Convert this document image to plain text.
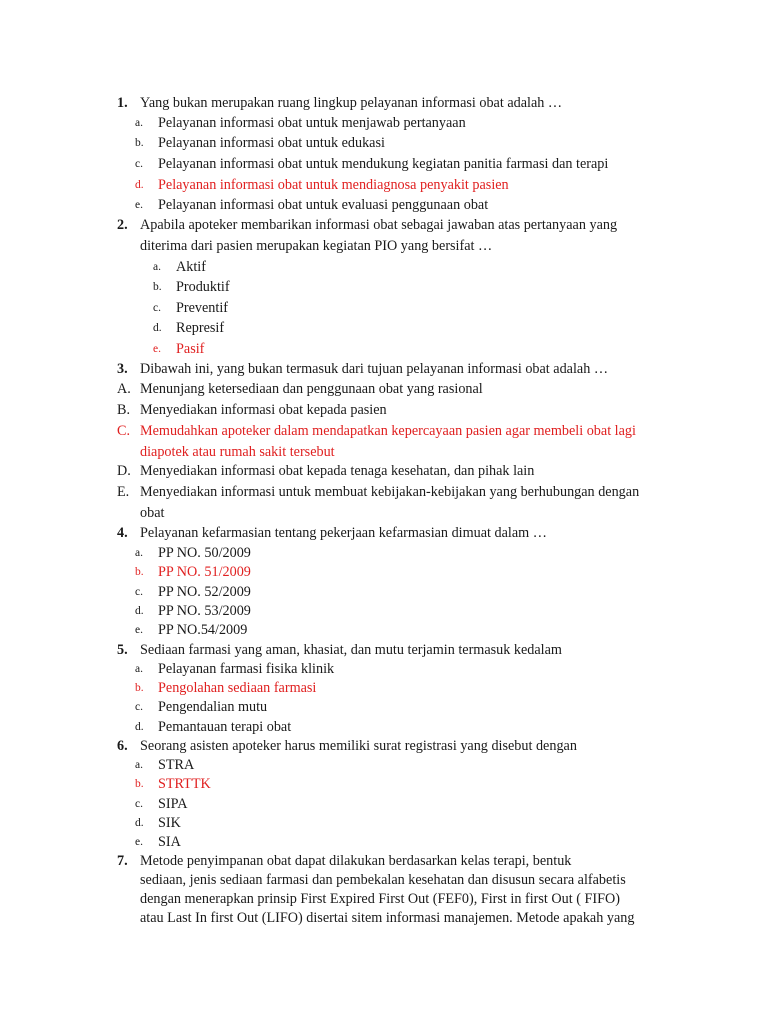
1. Yang bukan merupakan ruang lingkup pelayanan informasi obat adalah …
a. Pelayanan informasi obat untuk menjawab pertanyaan
b. Pelayanan informasi obat untuk edukasi
c. Pelayanan informasi obat untuk mendukung kegiatan panitia farmasi dan terapi
d. Pelayanan informasi obat untuk mendiagnosa penyakit pasien
e. Pelayanan informasi obat untuk evaluasi penggunaan obat
2. Apabila apoteker membarikan informasi obat sebagai jawaban atas pertanyaan yang
diterima dari pasien merupakan kegiatan PIO yang bersifat …
a. Aktif
b. Produktif
c. Preventif
d. Represif
e. Pasif
3. Dibawah ini, yang bukan termasuk dari tujuan pelayanan informasi obat adalah …
A. Menunjang ketersediaan dan penggunaan obat yang rasional
B. Menyediakan informasi obat kepada pasien
C. Memudahkan apoteker dalam mendapatkan kepercayaan pasien agar membeli obat lagi
diapotek atau rumah sakit tersebut
D. Menyediakan informasi obat kepada tenaga kesehatan, dan pihak lain
E. Menyediakan informasi untuk membuat kebijakan-kebijakan yang berhubungan dengan
obat
4. Pelayanan kefarmasian tentang pekerjaan kefarmasian dimuat dalam …
a. PP NO. 50/2009
b. PP NO. 51/2009
c. PP NO. 52/2009
d. PP NO. 53/2009
e. PP NO.54/2009
5. Sediaan farmasi yang aman, khasiat, dan mutu terjamin termasuk kedalam
a. Pelayanan farmasi fisika klinik
b. Pengolahan sediaan farmasi
c. Pengendalian mutu
d. Pemantauan terapi obat
6. Seorang asisten apoteker harus memiliki surat registrasi yang disebut dengan
a. STRA
b. STRTTK
c. SIPA
d. SIK
e. SIA
7. Metode penyimpanan obat dapat dilakukan berdasarkan kelas terapi, bentuk
sediaan, jenis sediaan farmasi dan pembekalan kesehatan dan disusun secara alfabetis
dengan menerapkan prinsip First Expired First Out (FEF0), First in first Out ( FIFO)
atau Last In first Out (LIFO) disertai sitem informasi manajemen. Metode apakah yang
